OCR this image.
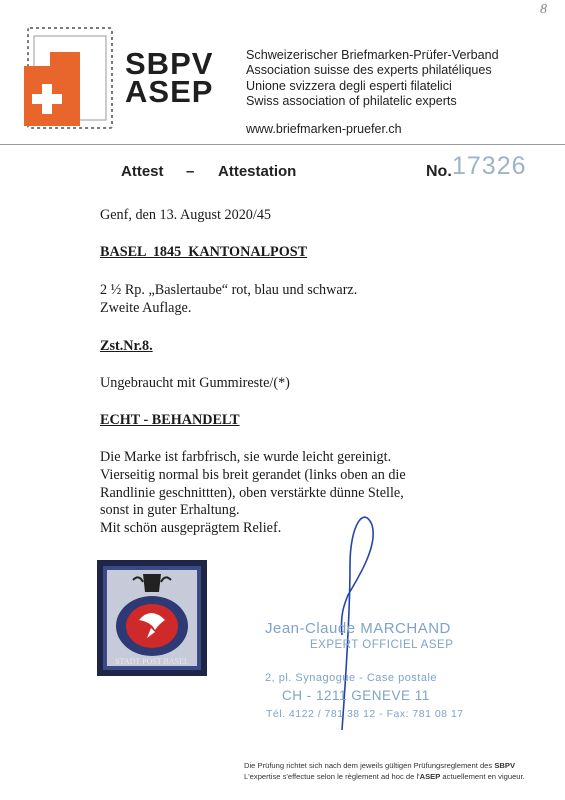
8
SBPV
ASEP
Schweizerischer Briefmarken-Prüfer-Verband
Association suisse des experts philatéliques
Unione svizzera degli esperti filatelici
Swiss association of philatelic experts
www.briefmarken-pruefer.ch
Attest – Attestation	No. 17326
Genf, den 13. August 2020/45
BASEL  1845  KANTONALPOST
2 ½ Rp. „Baslertaube“ rot, blau und schwarz.
Zweite Auflage.
Zst.Nr.8.
Ungebraucht mit Gummireste/(*)
ECHT - BEHANDELT
Die Marke ist farbfrisch, sie wurde leicht gereinigt.
Vierseitig normal bis breit gerandet (links oben an die
Randlinie geschnittten), oben verstärkte dünne Stelle,
sonst in guter Erhaltung.
Mit schön ausgeprägtem Relief.
STADT POST BASEL
Jean-Claude MARCHAND
EXPERT OFFICIEL ASEP
2, pl. Synagogue - Case postale
CH - 1211 GENEVE 11
Tél. 4122 / 781 38 12 - Fax: 781 08 17
Die Prüfung richtet sich nach dem jeweils gültigen Prüfungsreglement des SBPV
L'expertise s'effectue selon le règlement ad hoc de l'ASEP actuellement en vigueur.
